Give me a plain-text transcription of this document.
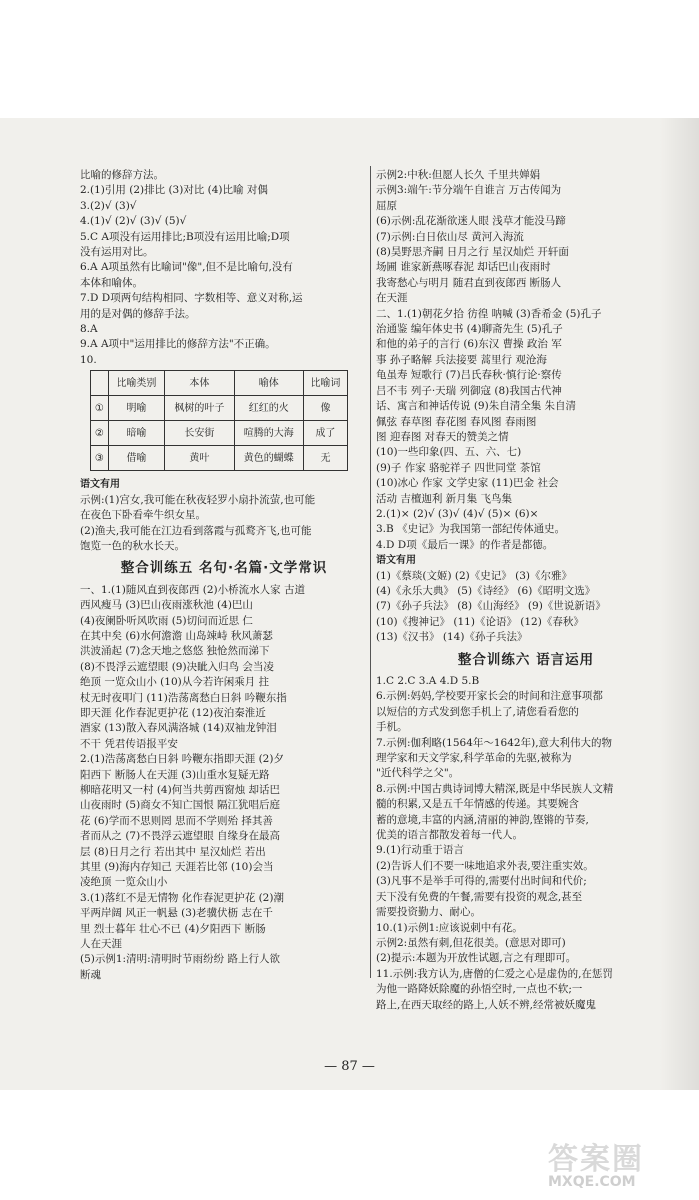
比喻的修辞方法。
2.(1)引用 (2)排比 (3)对比 (4)比喻 对偶
3.(2)√ (3)√
4.(1)√ (2)√ (3)√ (5)√
5.C A项没有运用排比;B项没有运用比喻;D项
没有运用对比。
6.A A项虽然有比喻词"像",但不是比喻句,没有
本体和喻体。
7.D D项两句结构相同、字数相等、意义对称,运
用的是对偶的修辞手法。
8.A
9.A A项中"运用排比的修辞方法"不正确。
10.
	比喻类别	本体	喻体	比喻词
①	明喻	枫树的叶子	红红的火	像
②	暗喻	长安街	喧腾的大海	成了
③	借喻	黄叶	黄色的蝴蝶	无
语文有用
示例:(1)宫女,我可能在秋夜轻罗小扇扑流萤,也可能
在夜色下卧看牵牛织女星。
(2)渔夫,我可能在江边看到落霞与孤鹜齐飞,也可能
饱览一色的秋水长天。
整合训练五 名句·名篇·文学常识
一、1.(1)随风直到夜郎西 (2)小桥流水人家 古道
西风瘦马 (3)巴山夜雨涨秋池 (4)巴山
(4)夜阑卧听风吹雨 (5)切问而近思 仁
在其中矣 (6)水何澹澹 山岛竦峙 秋风萧瑟
洪波涌起 (7)念天地之悠悠 独怆然而涕下
(8)不畏浮云遮望眼 (9)决眦入归鸟 会当凌
绝顶 一览众山小 (10)从今若许闲乘月 拄
杖无时夜叩门 (11)浩荡离愁白日斜 吟鞭东指
即天涯 化作春泥更护花 (12)夜泊秦淮近
酒家 (13)散入春风满洛城 (14)双袖龙钟泪
不干 凭君传语报平安
2.(1)浩荡离愁白日斜 吟鞭东指即天涯 (2)夕
阳西下 断肠人在天涯 (3)山重水复疑无路
柳暗花明又一村 (4)何当共剪西窗烛 却话巴
山夜雨时 (5)商女不知亡国恨 隔江犹唱后庭
花 (6)学而不思则罔 思而不学则殆 择其善
者而从之 (7)不畏浮云遮望眼 自缘身在最高
层 (8)日月之行 若出其中 星汉灿烂 若出
其里 (9)海内存知己 天涯若比邻 (10)会当
凌绝顶 一览众山小
3.(1)落红不是无情物 化作春泥更护花 (2)潮
平两岸阔 风正一帆悬 (3)老骥伏枥 志在千
里 烈士暮年 壮心不已 (4)夕阳西下 断肠
人在天涯
(5)示例1:清明:清明时节雨纷纷 路上行人欲
断魂
示例2:中秋:但愿人长久 千里共婵娟
示例3:端午:节分端午自谁言 万古传闻为
屈原
(6)示例:乱花渐欲迷人眼 浅草才能没马蹄
(7)示例:白日依山尽 黄河入海流
(8)昊野思齐嗣 日月之行 星汉灿烂 开轩面
场圃 谁家新燕啄春泥 却话巴山夜雨时
我寄愁心与明月 随君直到夜郎西 断肠人
在天涯
二、1.(1)朝花夕拾 彷徨 呐喊 (3)香希金 (5)孔子
治通鉴 编年体史书 (4)聊斋先生 (5)孔子
和他的弟子的言行 (6)东汉 曹操 政治 军
事 孙子略解 兵法接要 蒿里行 观沧海
龟虽寿 短歌行 (7)吕氏春秋·慎行论·察传
吕不韦 列子·天瑞 列御寇 (8)我国古代神
话、寓言和神话传说 (9)朱自清全集 朱自清
佩弦 春草图 春花图 春风图 春雨图
图 迎春图 对春天的赞美之情
(10)一些印象(四、五、六、七)
(9)子 作家 骆驼祥子 四世同堂 茶馆
(10)冰心 作家 文学史家 (11)巴金 社会
活动 吉檀迦利 新月集 飞鸟集
2.(1)× (2)√ (3)√ (4)√ (5)× (6)×
3.B 《史记》为我国第一部纪传体通史。
4.D D项《最后一课》的作者是都德。
语文有用
(1)《蔡琰(文姬) (2)《史记》 (3)《尔雅》
(4)《永乐大典》 (5)《诗经》 (6)《昭明文选》
(7)《孙子兵法》 (8)《山海经》 (9)《世说新语》
(10)《搜神记》 (11)《论语》 (12)《春秋》
(13)《汉书》 (14)《孙子兵法》
整合训练六 语言运用
1.C 2.C 3.A 4.D 5.B
6.示例:妈妈,学校要开家长会的时间和注意事项都
以短信的方式发到您手机上了,请您看看您的
手机。
7.示例:伽利略(1564年～1642年),意大利伟大的物
理学家和天文学家,科学革命的先驱,被称为
"近代科学之父"。
8.示例:中国古典诗词博大精深,既是中华民族人文精
髓的积累,又是五千年情感的传递。其要婉含
蓄的意境,丰富的内涵,清丽的神韵,铿锵的节奏,
优美的语言都散发着每一代人。
9.(1)行动重于语言
(2)告诉人们不要一味地追求外表,要注重实效。
(3)凡事不是举手可得的,需要付出时间和代价;
天下没有免费的午餐,需要有投资的观念,甚至
需要投资勤力、耐心。
10.(1)示例1:应该说刺中有花。
示例2:虽然有刺,但花很美。(意思对即可)
(2)提示:本题为开放性试题,言之有理即可。
11.示例:我方认为,唐僧的仁爱之心是虚伪的,在惩罚
为他一路降妖除魔的孙悟空时,一点也不软;一
路上,在西天取经的路上,人妖不辨,经常被妖魔鬼
— 87 —
答案圈
MXQE.COM
